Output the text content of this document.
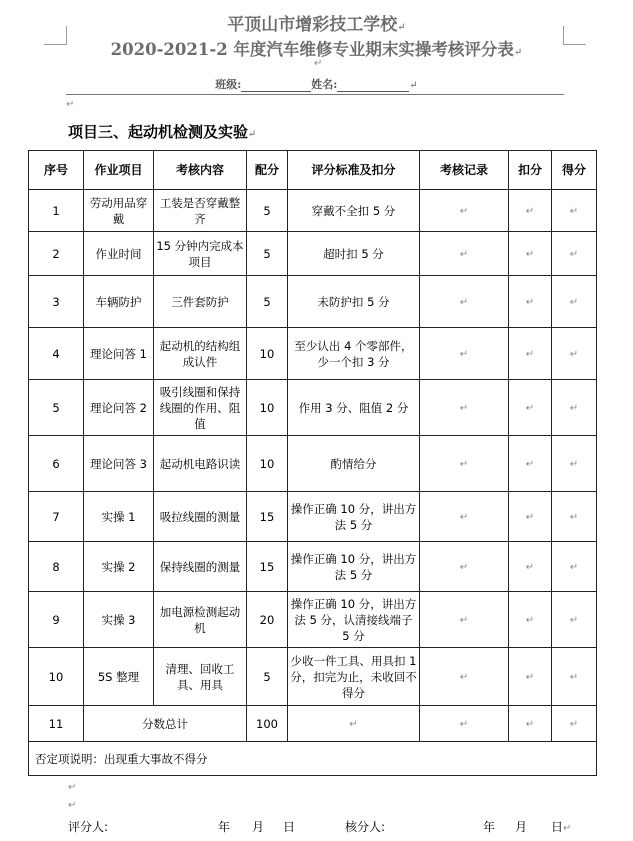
平顶山市增彩技工学校↵
2020-2021-2 年度汽车维修专业期末实操考核评分表↵
↵
班级:	姓名:	↵
↵
项目三、起动机检测及实验↵
序号	作业项目	考核内容	配分	评分标准及扣分	考核记录	扣分	得分
1	劳动用品穿戴	工装是否穿戴整齐	5	穿戴不全扣 5 分	↵	↵	↵
2	作业时间	15 分钟内完成本项目	5	超时扣 5 分	↵	↵	↵
3	车辆防护	三件套防护	5	未防护扣 5 分	↵	↵	↵
4	理论问答 1	起动机的结构组成认件	10	至少认出 4 个零部件，少一个扣 3 分	↵	↵	↵
5	理论问答 2	吸引线圈和保持线圈的作用、阻值	10	作用 3 分、阻值 2 分	↵	↵	↵
6	理论问答 3	起动机电路识读	10	酌情给分	↵	↵	↵
7	实操 1	吸拉线圈的测量	15	操作正确 10 分，讲出方法 5 分	↵	↵	↵
8	实操 2	保持线圈的测量	15	操作正确 10 分，讲出方法 5 分	↵	↵	↵
9	实操 3	加电源检测起动机	20	操作正确 10 分，讲出方法 5 分，认清接线端子 5 分	↵	↵	↵
10	5S 整理	清理、回收工具、用具	5	少收一件工具、用具扣 1 分，扣完为止，未收回不得分	↵	↵	↵
11	分数总计		100	↵	↵	↵	↵
否定项说明：出现重大事故不得分							
↵
↵
评分人:	年 月 日	核分人:	年 月 日↵
